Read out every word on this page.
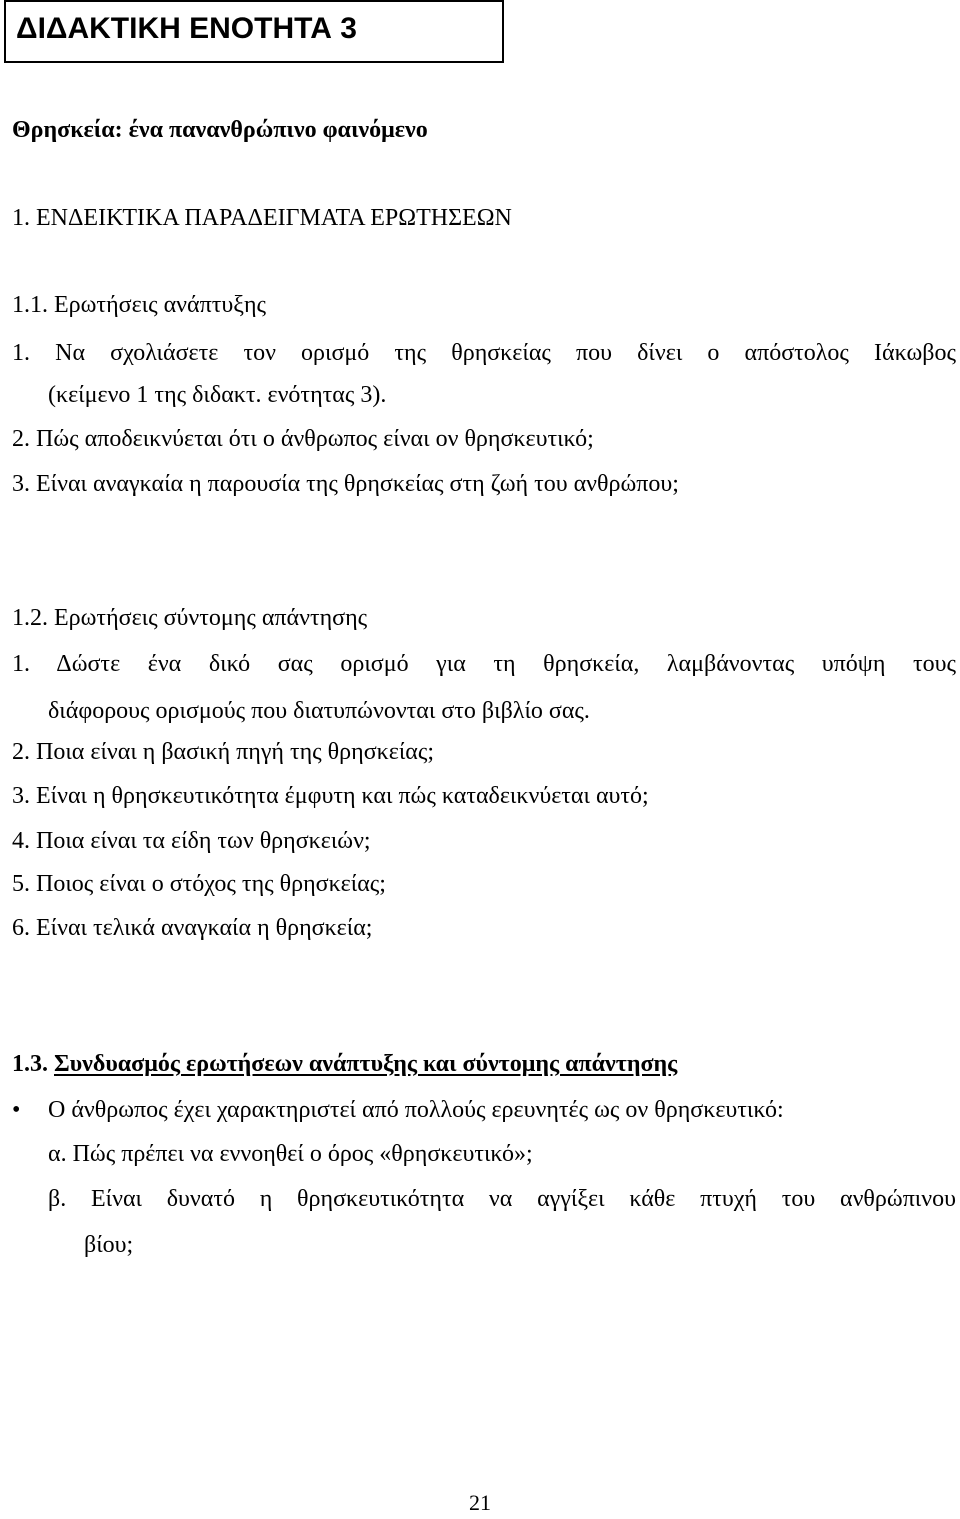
ΔΙΔΑΚΤΙΚΗ ΕΝΟΤΗΤΑ 3
Θρησκεία: ένα πανανθρώπινο φαινόμενο
1. ΕΝΔΕΙΚΤΙΚΑ ΠΑΡΑΔΕΙΓΜΑΤΑ ΕΡΩΤΗΣΕΩΝ
1.1. Ερωτήσεις ανάπτυξης
1. Να σχολιάσετε τον ορισμό της θρησκείας που δίνει ο απόστολος Ιάκωβος
(κείμενο 1 της διδακτ. ενότητας 3).
2. Πώς αποδεικνύεται ότι ο άνθρωπος είναι ον θρησκευτικό;
3. Είναι αναγκαία η παρουσία της θρησκείας στη ζωή του ανθρώπου;
1.2. Ερωτήσεις σύντομης απάντησης
1. Δώστε ένα δικό σας ορισμό για τη θρησκεία, λαμβάνοντας υπόψη τους
διάφορους ορισμούς που διατυπώνονται στο βιβλίο σας.
2. Ποια είναι η βασική πηγή της θρησκείας;
3. Είναι η θρησκευτικότητα έμφυτη και πώς καταδεικνύεται αυτό;
4. Ποια είναι τα είδη των θρησκειών;
5. Ποιος είναι ο στόχος της θρησκείας;
6. Είναι τελικά αναγκαία η θρησκεία;
1.3. Συνδυασμός ερωτήσεων ανάπτυξης και σύντομης απάντησης
• Ο άνθρωπος έχει χαρακτηριστεί από πολλούς ερευνητές ως ον θρησκευτικό:
α. Πώς πρέπει να εννοηθεί ο όρος «θρησκευτικό»;
β. Είναι δυνατό η θρησκευτικότητα να αγγίξει κάθε πτυχή του ανθρώπινου
βίου;
21
